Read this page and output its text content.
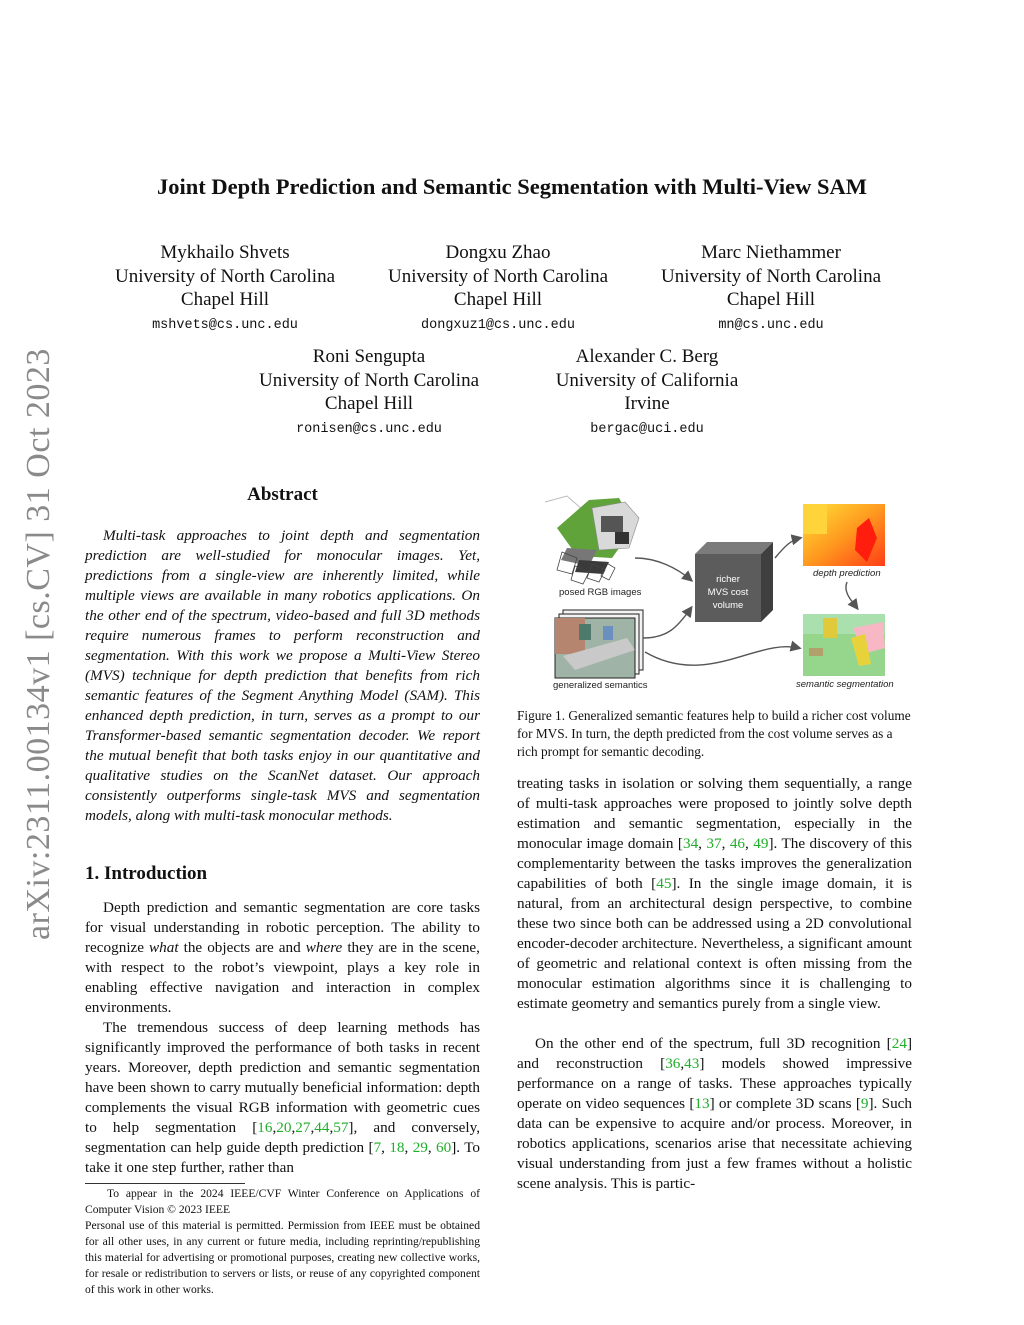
arXiv:2311.00134v1 [cs.CV] 31 Oct 2023
Joint Depth Prediction and Semantic Segmentation with Multi-View SAM
Mykhailo Shvets
University of North Carolina
Chapel Hill
mshvets@cs.unc.edu
Dongxu Zhao
University of North Carolina
Chapel Hill
dongxuz1@cs.unc.edu
Marc Niethammer
University of North Carolina
Chapel Hill
mn@cs.unc.edu
Roni Sengupta
University of North Carolina
Chapel Hill
ronisen@cs.unc.edu
Alexander C. Berg
University of California
Irvine
bergac@uci.edu
Abstract

Multi-task approaches to joint depth and segmentation prediction are well-studied for monocular images. Yet, predictions from a single-view are inherently limited, while multiple views are available in many robotics applications. On the other end of the spectrum, video-based and full 3D methods require numerous frames to perform reconstruction and segmentation. With this work we propose a Multi-View Stereo (MVS) technique for depth prediction that benefits from rich semantic features of the Segment Anything Model (SAM). This enhanced depth prediction, in turn, serves as a prompt to our Transformer-based semantic segmentation decoder. We report the mutual benefit that both tasks enjoy in our quantitative and qualitative studies on the ScanNet dataset. Our approach consistently outperforms single-task MVS and segmentation models, along with multi-task monocular methods.

1. Introduction

Depth prediction and semantic segmentation are core tasks for visual understanding in robotic perception. The ability to recognize what the objects are and where they are in the scene, with respect to the robot’s viewpoint, plays a key role in enabling effective navigation and interaction in complex environments.

The tremendous success of deep learning methods has significantly improved the performance of both tasks in recent years. Moreover, depth prediction and semantic segmentation have been shown to carry mutually beneficial information: depth complements the visual RGB information with geometric cues to help segmentation [16,20,27,44,57], and conversely, segmentation can help guide depth prediction [7, 18, 29, 60]. To take it one step further, rather than

To appear in the 2024 IEEE/CVF Winter Conference on Applications of Computer Vision © 2023 IEEE

Personal use of this material is permitted. Permission from IEEE must be obtained for all other uses, in any current or future media, including reprinting/republishing this material for advertising or promotional purposes, creating new collective works, for resale or redistribution to servers or lists, or reuse of any copyrighted component of this work in other works.

posed RGB images
generalized semantics
richer
MVS cost
volume
depth prediction
semantic segmentation

Figure 1. Generalized semantic features help to build a richer cost volume for MVS. In turn, the depth predicted from the cost volume serves as a rich prompt for semantic decoding.

treating tasks in isolation or solving them sequentially, a range of multi-task approaches were proposed to jointly solve depth estimation and semantic segmentation, especially in the monocular image domain [34, 37, 46, 49]. The discovery of this complementarity between the tasks improves the generalization capabilities of both [45]. In the single image domain, it is natural, from an architectural design perspective, to combine these two since both can be addressed using a 2D convolutional encoder-decoder architecture. Nevertheless, a significant amount of geometric and relational context is often missing from the monocular estimation algorithms since it is challenging to estimate geometry and semantics purely from a single view.

On the other end of the spectrum, full 3D recognition [24] and reconstruction [36,43] models showed impressive performance on a range of tasks. These approaches typically operate on video sequences [13] or complete 3D scans [9]. Such data can be expensive to acquire and/or process. Moreover, in robotics applications, scenarios arise that necessitate achieving visual understanding from just a few frames without a holistic scene analysis. This is partic-
